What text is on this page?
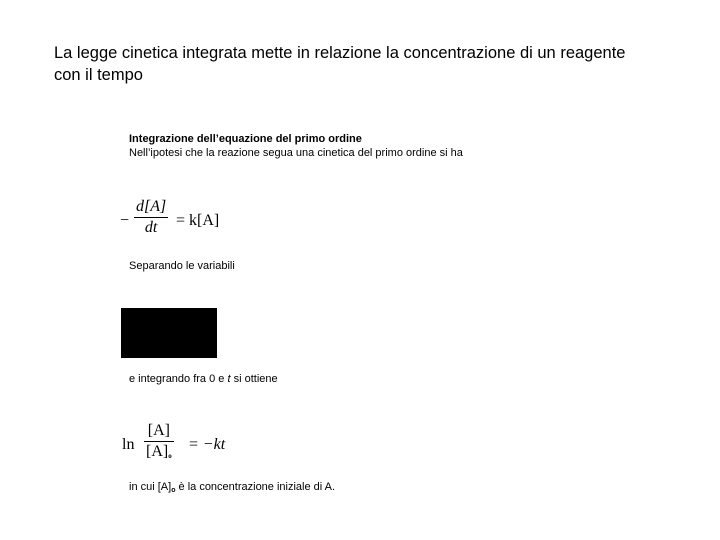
La legge cinetica integrata mette in relazione la concentrazione di un reagente con il tempo
Integrazione dell’equazione del primo ordine
Nell’ipotesi che la reazione segua una cinetica del primo ordine si ha
−
d[A]
dt	= k[A]
Separando le variabili
e integrando fra 0 e t si ottiene
ln
[A]
$[A]_o$
= −kt
in cui $[A]_o$ è la concentrazione iniziale di A.
